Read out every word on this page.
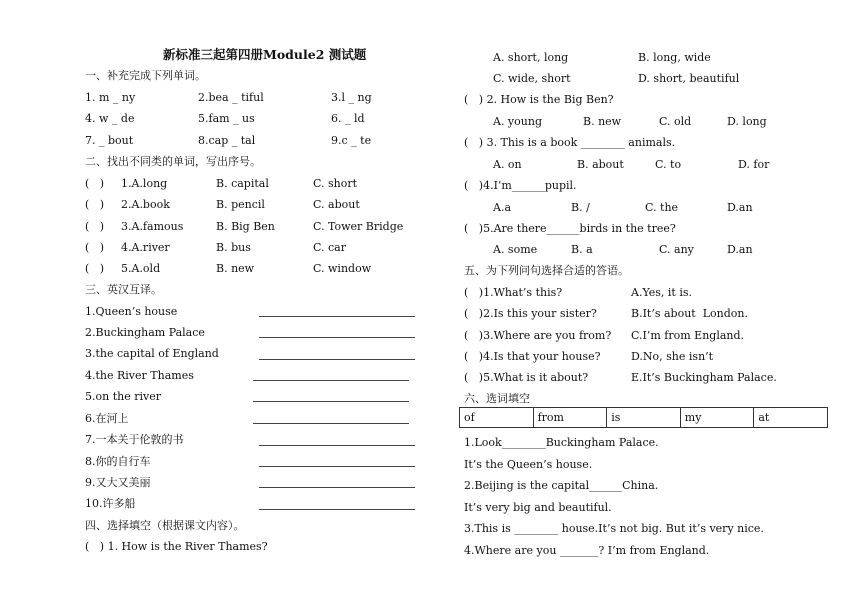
新标准三起第四册Module2 测试题
一、补充完成下列单词。
1. m _ ny	2.bea _ tiful	3.l _ ng
4. w _ de	5.fam _ us	6. _ ld
7. _ bout	8.cap _ tal	9.c _ te
二、找出不同类的单词，写出序号。
(   ) 1.A.long	B. capital	C. short
(   ) 2.A.book	B. pencil	C. about
(   ) 3.A.famous	B. Big Ben	C. Tower Bridge
(   ) 4.A.river	B. bus	C. car
(   ) 5.A.old	B. new	C. window
三、英汉互译。
1.Queen’s house
2.Buckingham Palace
3.the capital of England
4.the River Thames
5.on the river
6.在河上
7.一本关于伦敦的书
8.你的自行车
9.又大又美丽
10.许多船
四、选择填空（根据课文内容）。
(   ) 1. How is the River Thames?
A. short, long	B. long, wide
C. wide, short	D. short, beautiful
(   ) 2. How is the Big Ben?
A. young	B. new	C. old	D. long
(   ) 3. This is a book ________ animals.
A. on	B. about	C. to	D. for
(   )4.I’m______pupil.
A.a	B. /	C. the	D.an
(   )5.Are there______birds in the tree?
A. some	B. a	C. any	D.an
五、为下列问句选择合适的答语。
(   )1.What’s this?	A.Yes, it is.
(   )2.Is this your sister?	B.It’s about  London.
(   )3.Where are you from? C.I’m from England.
(   )4.Is that your house?	D.No, she isn’t
(   )5.What is it about?	E.It’s Buckingham Palace.
六、选词填空
of	from	is	my	at
1.Look________Buckingham Palace.
It’s the Queen’s house.
2.Beijing is the capital______China.
It’s very big and beautiful.
3.This is ________ house.It’s not big. But it’s very nice.
4.Where are you _______? I’m from England.
